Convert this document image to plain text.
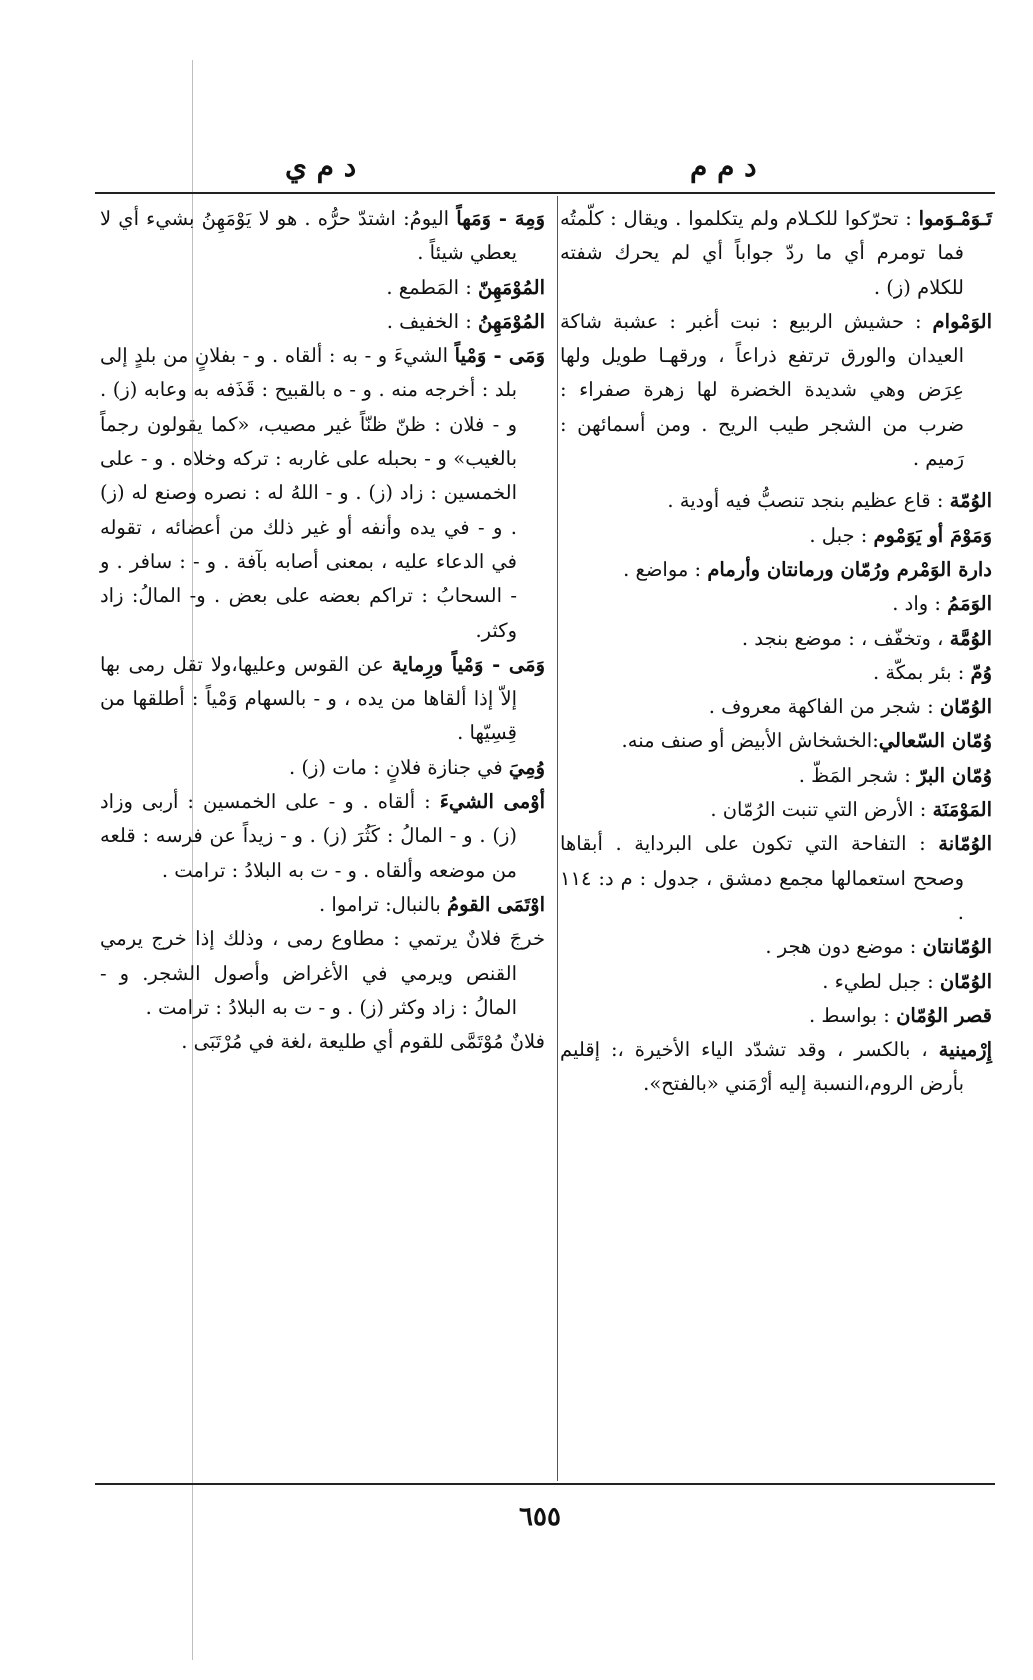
د م م
د م ي

تَـوَمْـوَموا : تحرّكوا للكـلام ولم يتكلموا . ويقال : كلّمتُه فما تومرم أي ما ردّ جواباً أي لم يحرك شفته للكلام (ز) .

الوَمْوام : حشيش الربيع : نبت أغبر : عشبة شاكة العيدان والورق ترتفع ذراعاً ، ورقهـا طويل ولها عِرَض وهي شديدة الخضرة لها زهرة صفراء : ضرب من الشجر طيب الريح . ومن أسمائهن : رَميم .

الوُمّة : قاع عظيم بنجد تنصبُّ فيه أودية .

وَمَوْمَ أو يَوَمْوم : جبل .

دارة الوَمْرم ورُمّان ورمانتان وأرمام : مواضع .

الوَمَمُ : واد .

الوُمَّة ، وتخفّف ، : موضع بنجد .

وُمّ : بئر بمكّة .

الوُمّان : شجر من الفاكهة معروف .

وُمّان السّعالي:الخشخاش الأبيض أو صنف منه.

وُمّان البرّ : شجر المَظّ .

المَوْمَنَة : الأرض التي تنبت الرُمّان .

الوُمّانة : التفاحة التي تكون على البرداية . أبقاها وصحح استعمالها مجمع دمشق ، جدول : م د: ١١٤ .

الوُمّانتان : موضع دون هجر .

الوُمّان : جبل لطيء .

قصر الوُمّان : بواسط .

إِرْمينية ، بالكسر ، وقد تشدّد الياء الأخيرة ،: إقليم بأرض الروم،النسبة إليه أرْمَني «بالفتح».

وَمِهَ - وَمَهاً اليومُ: اشتدّ حرُّه . هو لا يَوْمَهِنُ بشيء أي لا يعطي شيئاً .

المُوْمَهِنّ : المَطمع .

المُوْمَهِنُ : الخفيف .

وَمَى - وَمْياً الشيءَ و - به : ألقاه . و - بفلانٍ من بلدٍ إلى بلد : أخرجه منه . و - ه بالقبيح : قَذَفه به وعابه (ز) . و - فلان : ظنّ ظنّاً غير مصيب، «كما يقولون رجماً بالغيب» و - بحبله على غاربه : تركه وخلاه . و - على الخمسين : زاد (ز) . و - اللهُ له : نصره وصنع له (ز) . و - في يده وأنفه أو غير ذلك من أعضائه ، تقوله في الدعاء عليه ، بمعنى أصابه بآفة . و - : سافر . و - السحابُ : تراكم بعضه على بعض . و- المالُ: زاد وكثر.

وَمَى - وَمْياً ورِماية عن القوس وعليها،ولا تقل رمى بها إلاّ إذا ألقاها من يده ، و - بالسهام وَمْياً : أطلقها من قِسِيّها .

وُمِيَ في جنازة فلانٍ : مات (ز) .

أوْمى الشيءَ : ألقاه . و - على الخمسين : أربى وزاد (ز) . و - المالُ : كَثُرَ (ز) . و - زيداً عن فرسه : قلعه من موضعه وألقاه . و - ت به البلادُ : ترامت .

اوْتَمَى القومُ بالنبال: تراموا .

خرجَ فلانٌ يرتمي : مطاوع رمى ، وذلك إذا خرج يرمي القنص ويرمي في الأغراض وأصول الشجر. و - المالُ : زاد وكثر (ز) . و - ت به البلادُ : ترامت .

فلانٌ مُوْتَمَّى للقوم أي طليعة ،لغة في مُرْتَبَى .

٦٥٥
